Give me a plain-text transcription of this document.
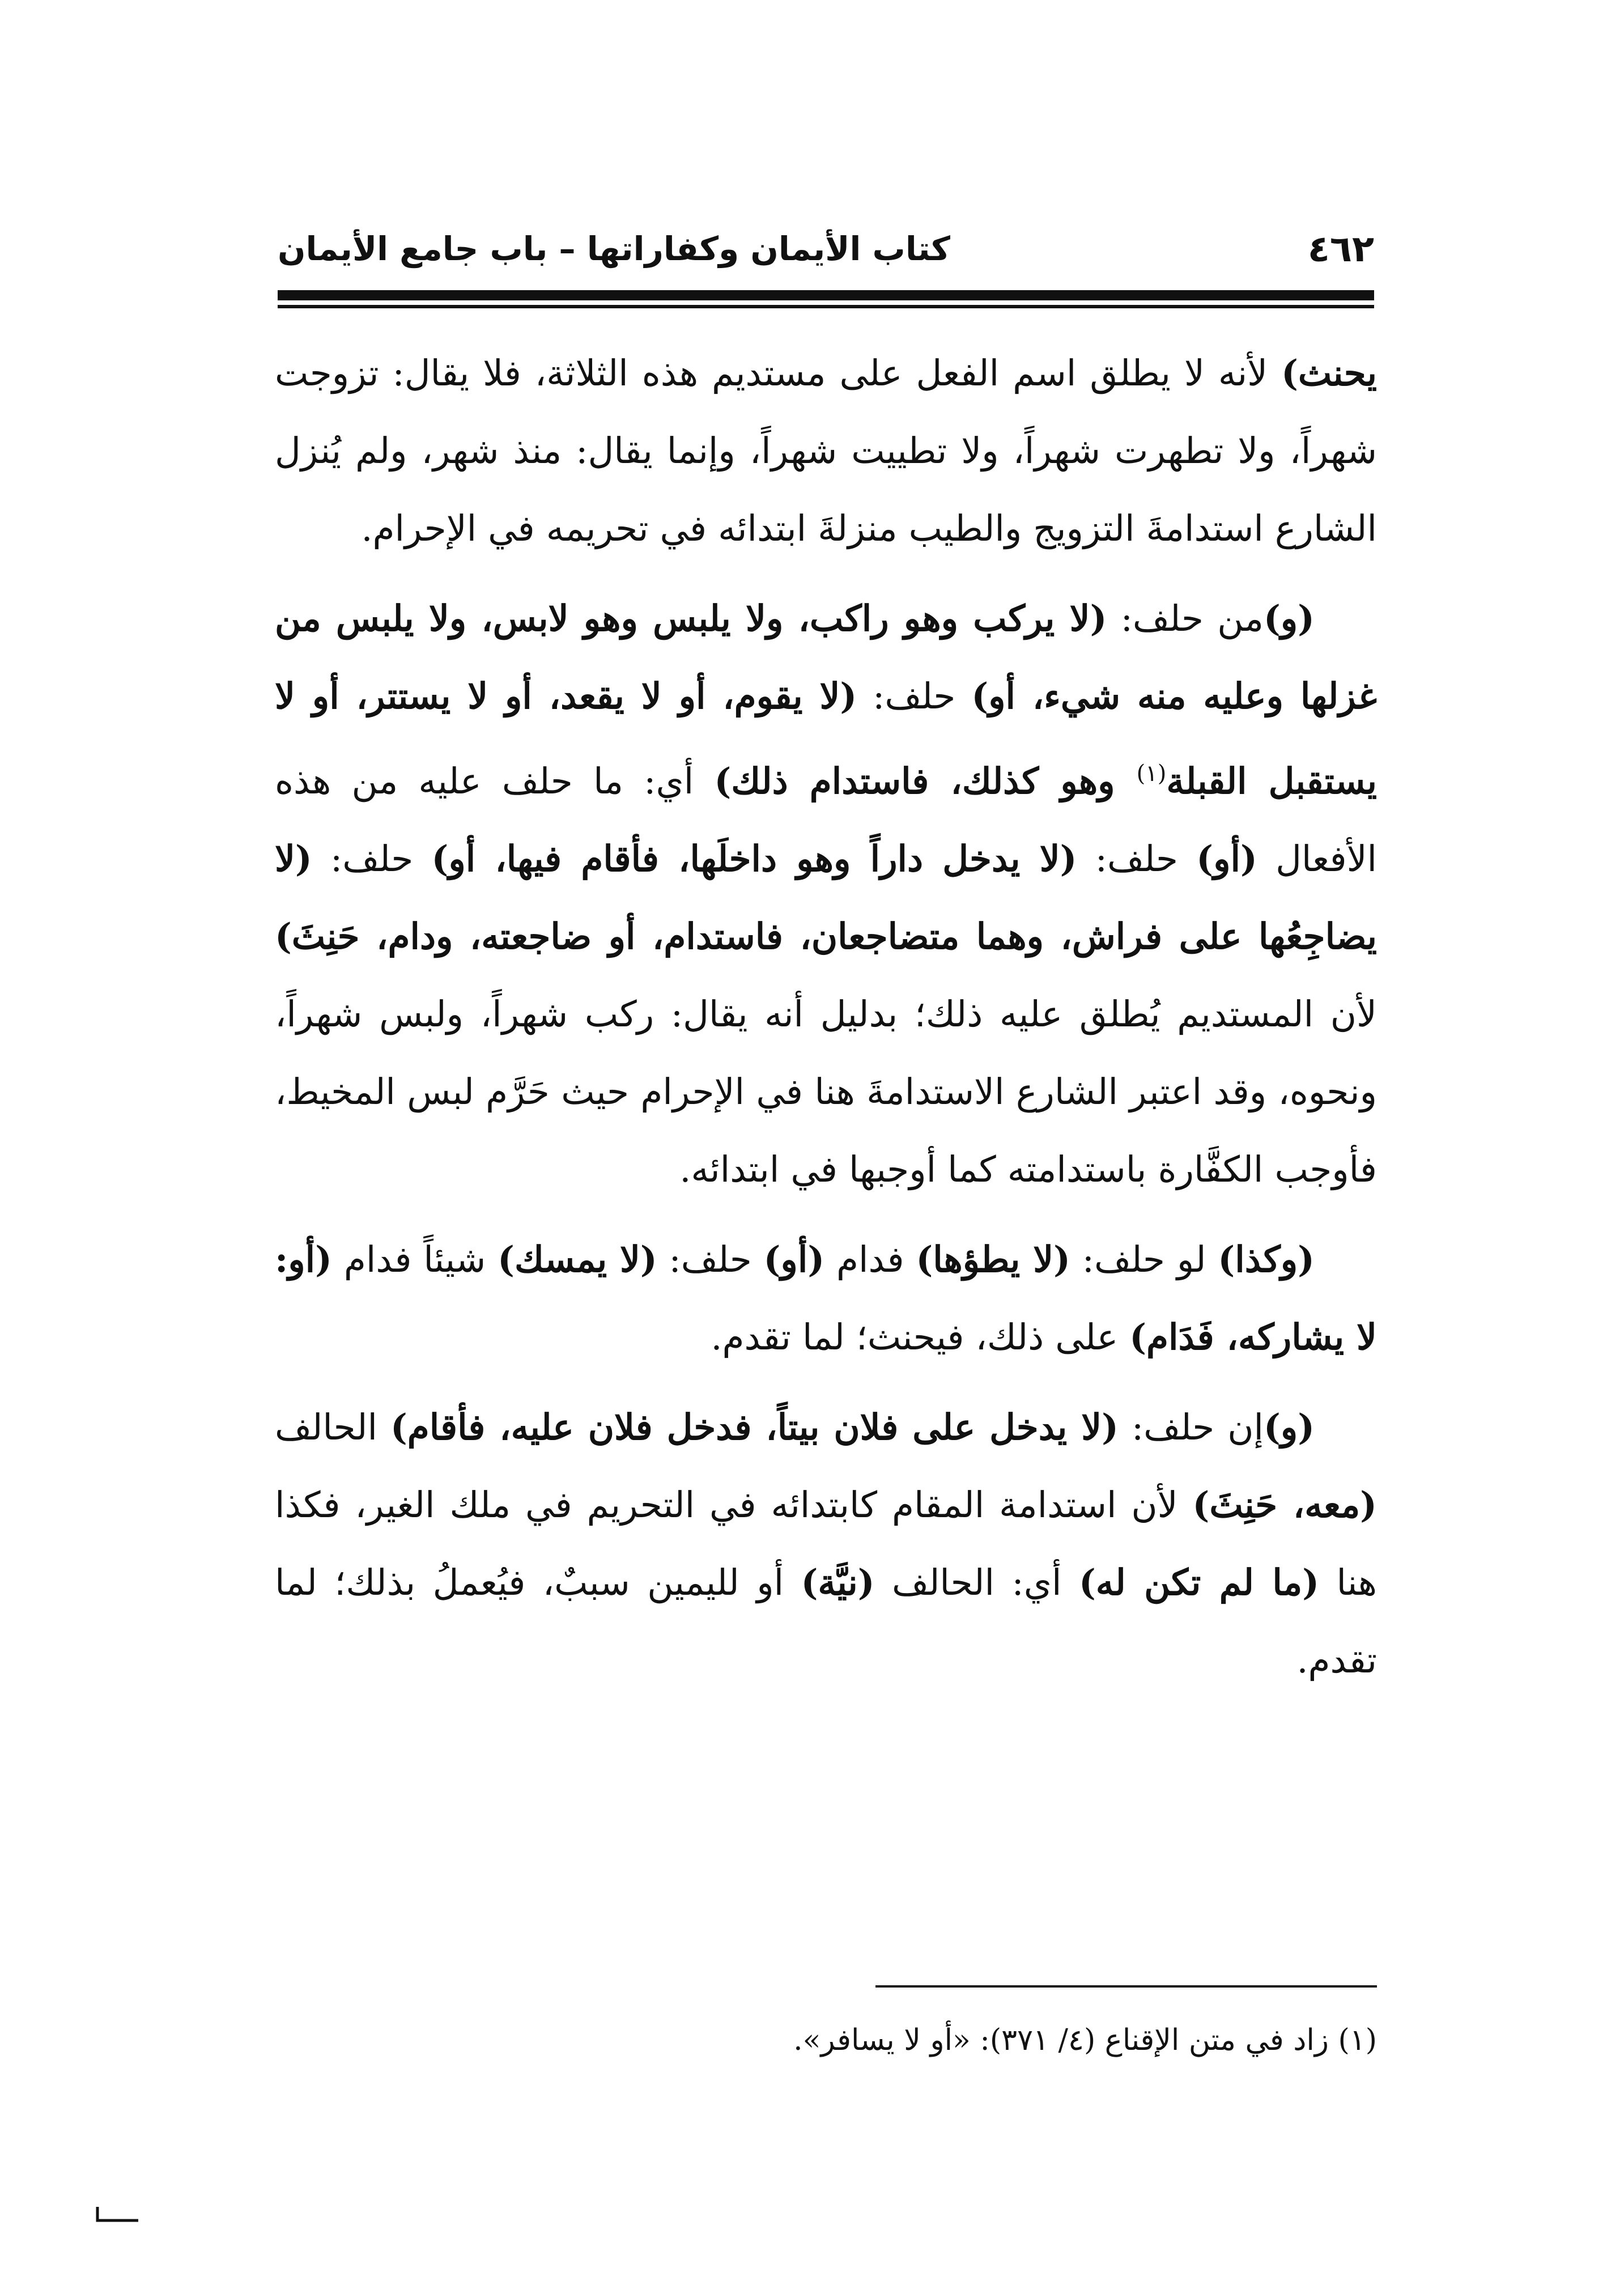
٤٦٢
كتاب الأيمان وكفاراتها – باب جامع الأيمان

يحنث) لأنه لا يطلق اسم الفعل على مستديم هذه الثلاثة، فلا يقال: تزوجت شهراً، ولا تطهرت شهراً، ولا تطييت شهراً، وإنما يقال: منذ شهر، ولم يُنزل الشارع استدامةَ التزويج والطيب منزلةَ ابتدائه في تحريمه في الإحرام.

(و)من حلف: (لا يركب وهو راكب، ولا يلبس وهو لابس، ولا يلبس من غزلها وعليه منه شيء، أو) حلف: (لا يقوم، أو لا يقعد، أو لا يستتر، أو لا يستقبل القبلة$^{(١)}$ وهو كذلك، فاستدام ذلك) أي: ما حلف عليه من هذه الأفعال (أو) حلف: (لا يدخل داراً وهو داخلَها، فأقام فيها، أو) حلف: (لا يضاجِعُها على فراش، وهما متضاجعان، فاستدام، أو ضاجعته، ودام، حَنِثَ) لأن المستديم يُطلق عليه ذلك؛ بدليل أنه يقال: ركب شهراً، ولبس شهراً، ونحوه، وقد اعتبر الشارع الاستدامةَ هنا في الإحرام حيث حَرَّم لبس المخيط، فأوجب الكفَّارة باستدامته كما أوجبها في ابتدائه.

(وكذا) لو حلف: (لا يطؤها) فدام (أو) حلف: (لا يمسك) شيئاً فدام (أو: لا يشاركه، فَدَام) على ذلك، فيحنث؛ لما تقدم.

(و)إن حلف: (لا يدخل على فلان بيتاً، فدخل فلان عليه، فأقام) الحالف (معه، حَنِثَ) لأن استدامة المقام كابتدائه في التحريم في ملك الغير، فكذا هنا (ما لم تكن له) أي: الحالف (نيَّة) أو لليمين سببٌ، فيُعملُ بذلك؛ لما تقدم.

(١) زاد في متن الإقناع (٤/ ٣٧١): «أو لا يسافر».
